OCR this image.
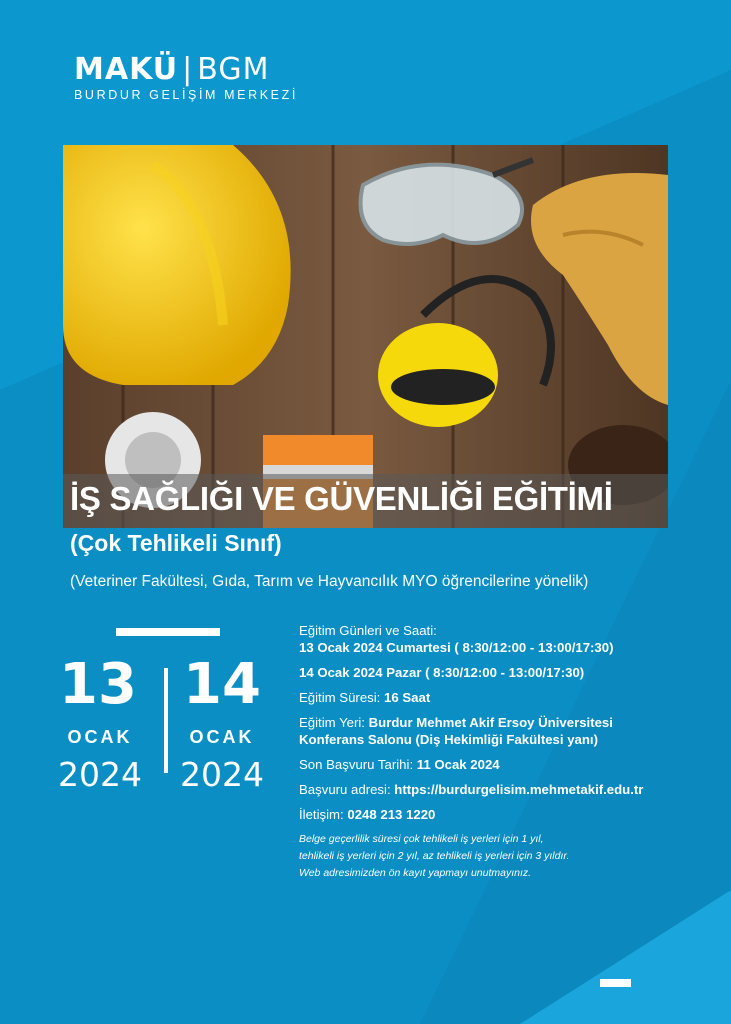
MAKÜ | BGM
BURDUR GELİŞİM MERKEZİ
İŞ SAĞLIĞI VE GÜVENLİĞİ EĞİTİMİ
(Çok Tehlikeli Sınıf)
(Veteriner Fakültesi, Gıda, Tarım ve Hayvancılık MYO öğrencilerine yönelik)
13
OCAK
2024
14
OCAK
2024
Eğitim Günleri ve Saati:
13 Ocak 2024 Cumartesi ( 8:30/12:00 - 13:00/17:30)
14 Ocak 2024 Pazar ( 8:30/12:00 - 13:00/17:30)
Eğitim Süresi: 16 Saat
Eğitim Yeri: Burdur Mehmet Akif Ersoy Üniversitesi
Konferans Salonu (Diş Hekimliği Fakültesi yanı)
Son Başvuru Tarihi: 11 Ocak 2024
Başvuru adresi: https://burdurgelisim.mehmetakif.edu.tr
İletişim: 0248 213 1220
Belge geçerlilik süresi çok tehlikeli iş yerleri için 1 yıl,
tehlikeli iş yerleri için 2 yıl, az tehlikeli iş yerleri için 3 yıldır.
Web adresimizden ön kayıt yapmayı unutmayınız.
